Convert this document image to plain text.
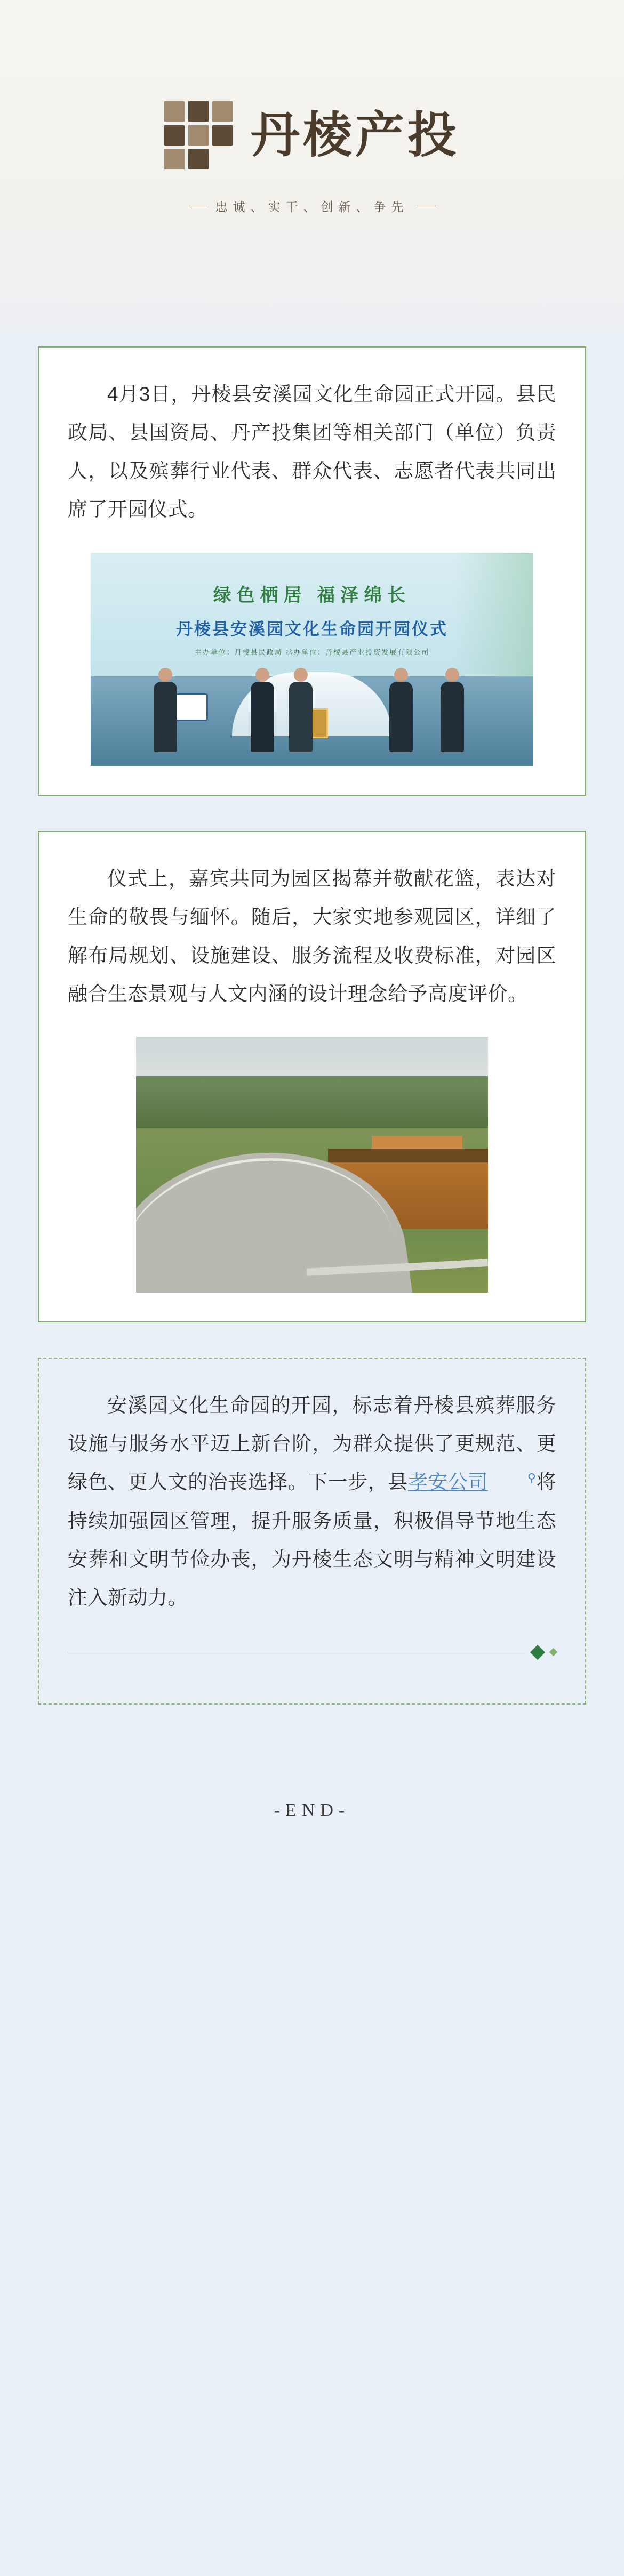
丹棱产投
忠诚、实干、创新、争先

4月3日，丹棱县安溪园文化生命园正式开园。县民政局、县国资局、丹产投集团等相关部门（单位）负责人，以及殡葬行业代表、群众代表、志愿者代表共同出席了开园仪式。

绿色栖居 福泽绵长
丹棱县安溪园文化生命园开园仪式
主办单位：丹棱县民政局 承办单位：丹棱县产业投资发展有限公司

仪式上，嘉宾共同为园区揭幕并敬献花篮，表达对生命的敬畏与缅怀。随后，大家实地参观园区，详细了解布局规划、设施建设、服务流程及收费标准，对园区融合生态景观与人文内涵的设计理念给予高度评价。

安溪园文化生命园的开园，标志着丹棱县殡葬服务设施与服务水平迈上新台阶，为群众提供了更规范、更绿色、更人文的治丧选择。下一步，县孝安公司	⚲将持续加强园区管理，提升服务质量，积极倡导节地生态安葬和文明节俭办丧，为丹棱生态文明与精神文明建设注入新动力。

-END-
